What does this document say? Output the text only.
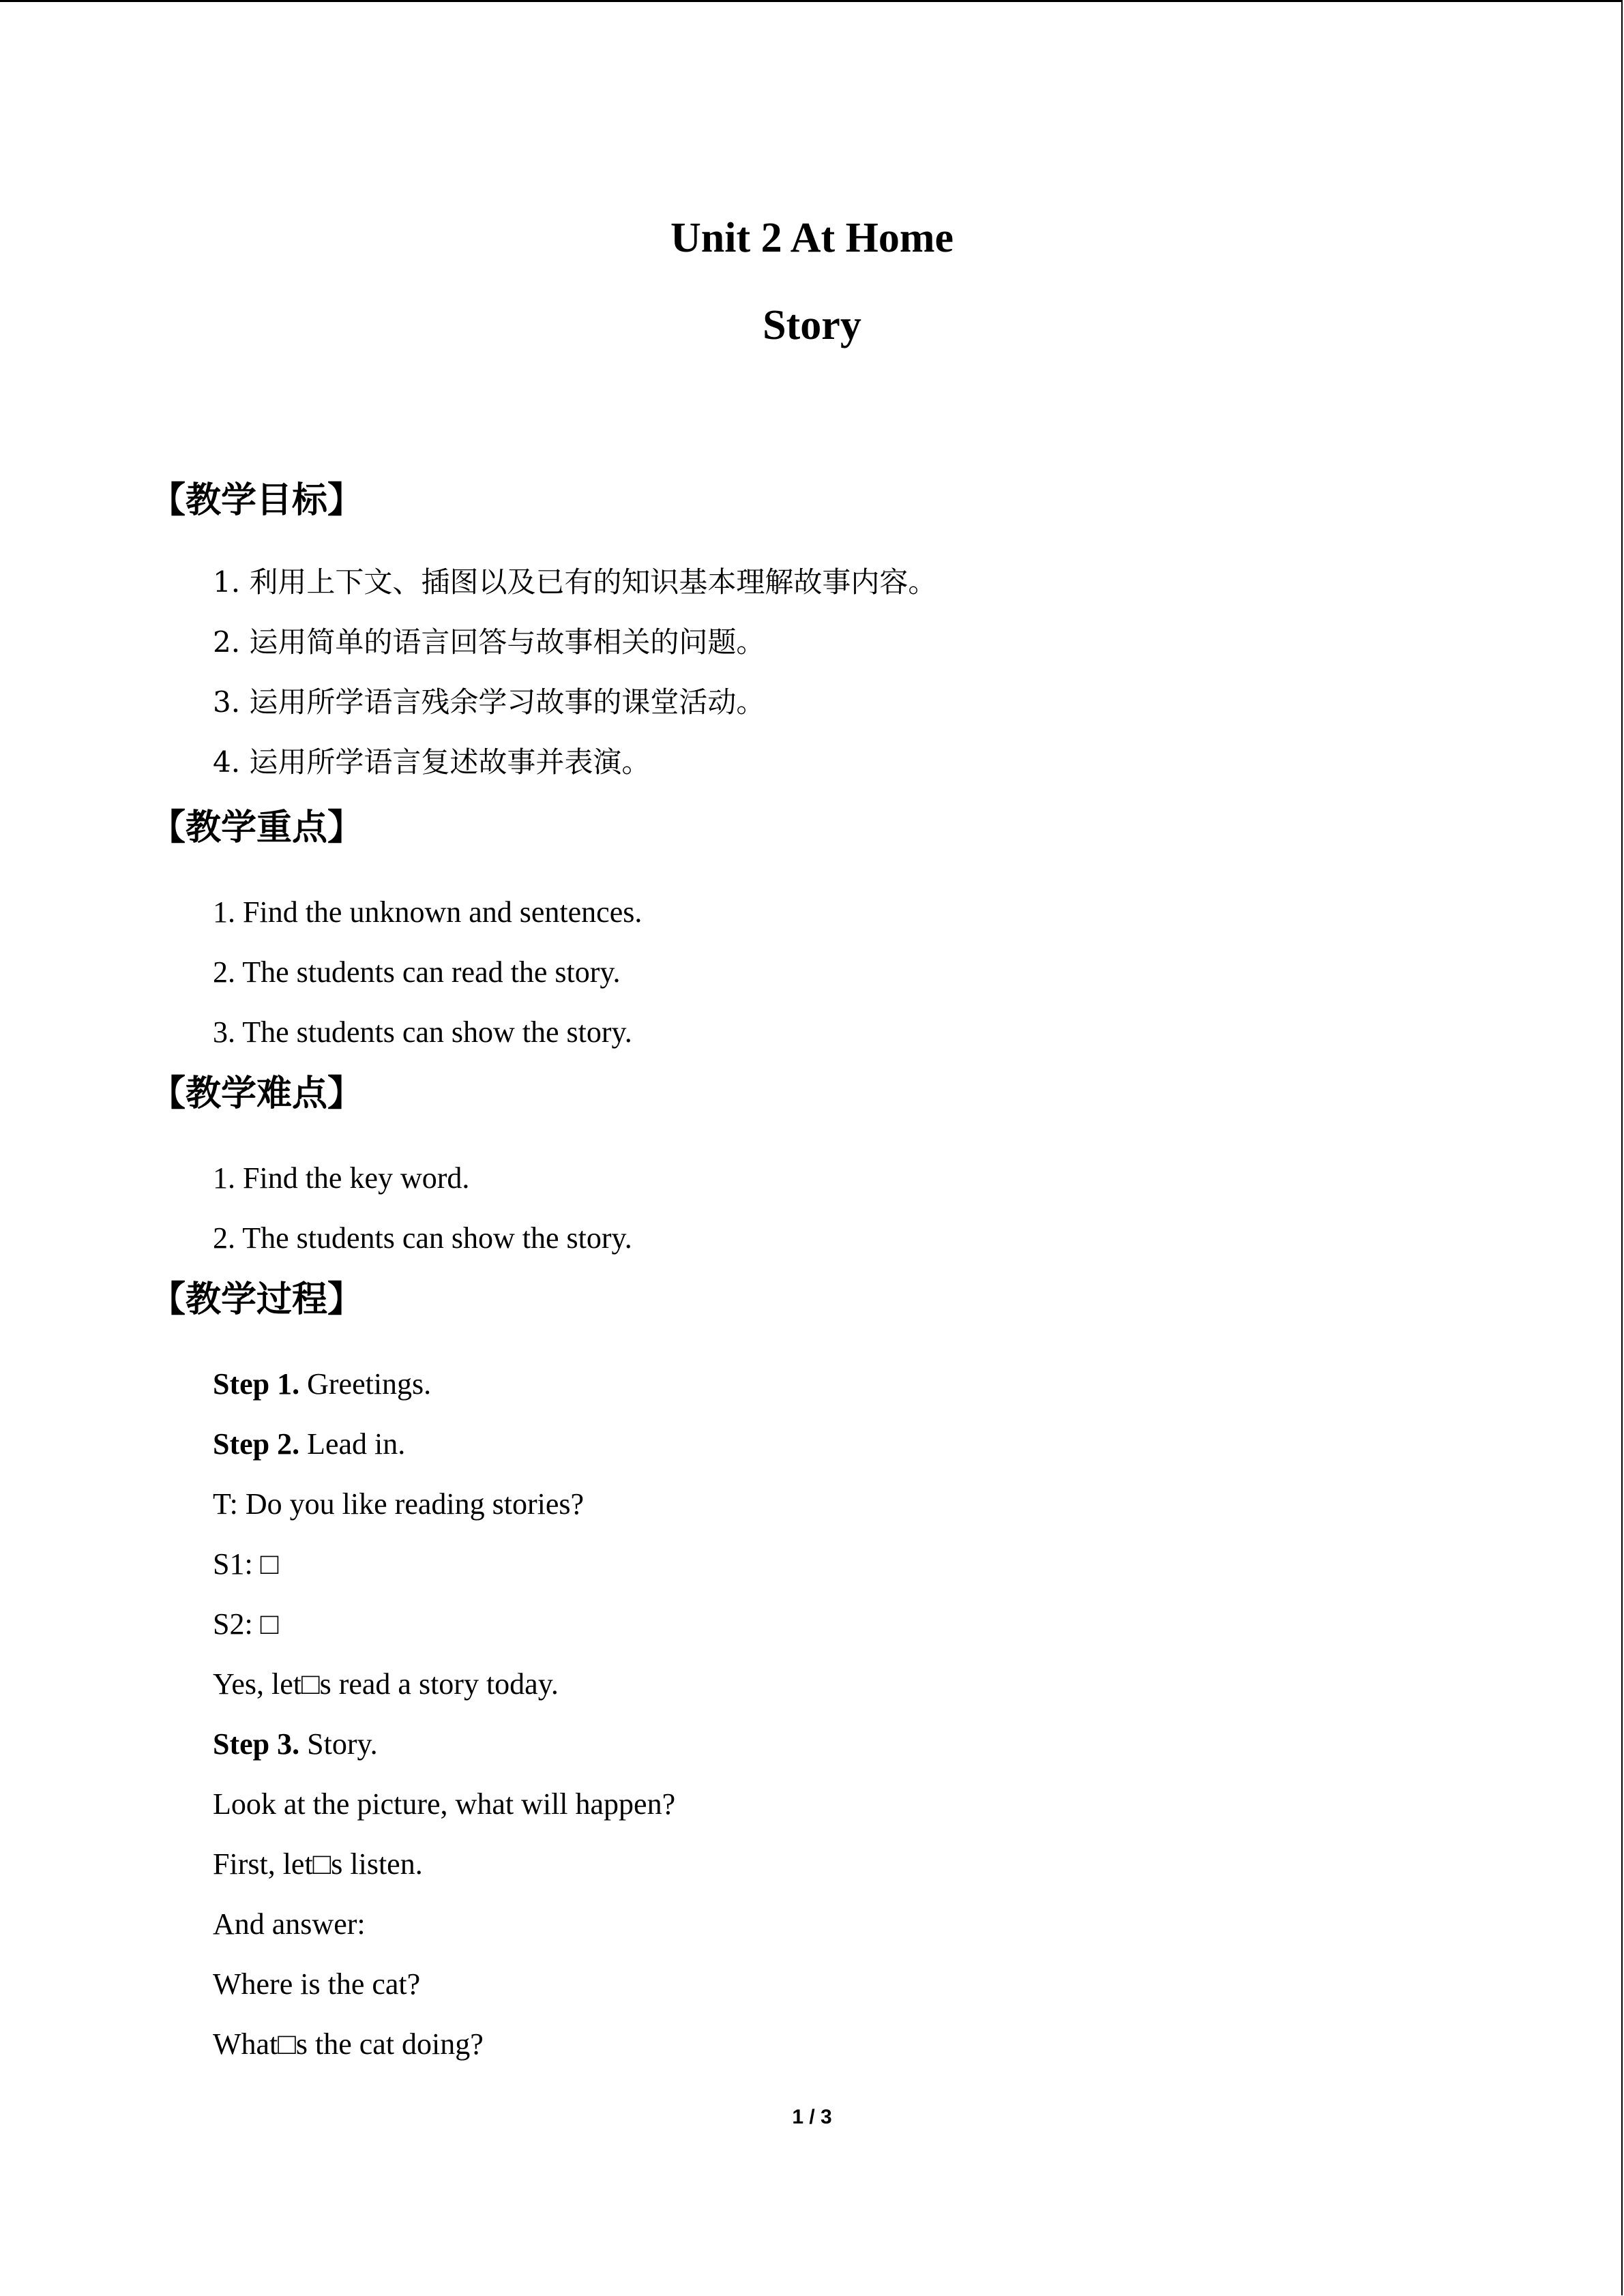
Unit 2 At Home
Story
【教学目标】
1. 利用上下文、插图以及已有的知识基本理解故事内容。
2. 运用简单的语言回答与故事相关的问题。
3. 运用所学语言残余学习故事的课堂活动。
4. 运用所学语言复述故事并表演。
【教学重点】
1. Find the unknown and sentences.
2. The students can read the story.
3. The students can show the story.
【教学难点】
1. Find the key word.
2. The students can show the story.
【教学过程】
Step 1. Greetings.
Step 2. Lead in.
T: Do you like reading stories?
S1: □
S2: □
Yes, let□s read a story today.
Step 3. Story.
Look at the picture, what will happen?
First, let□s listen.
And answer:
Where is the cat?
What□s the cat doing?
1 / 3
